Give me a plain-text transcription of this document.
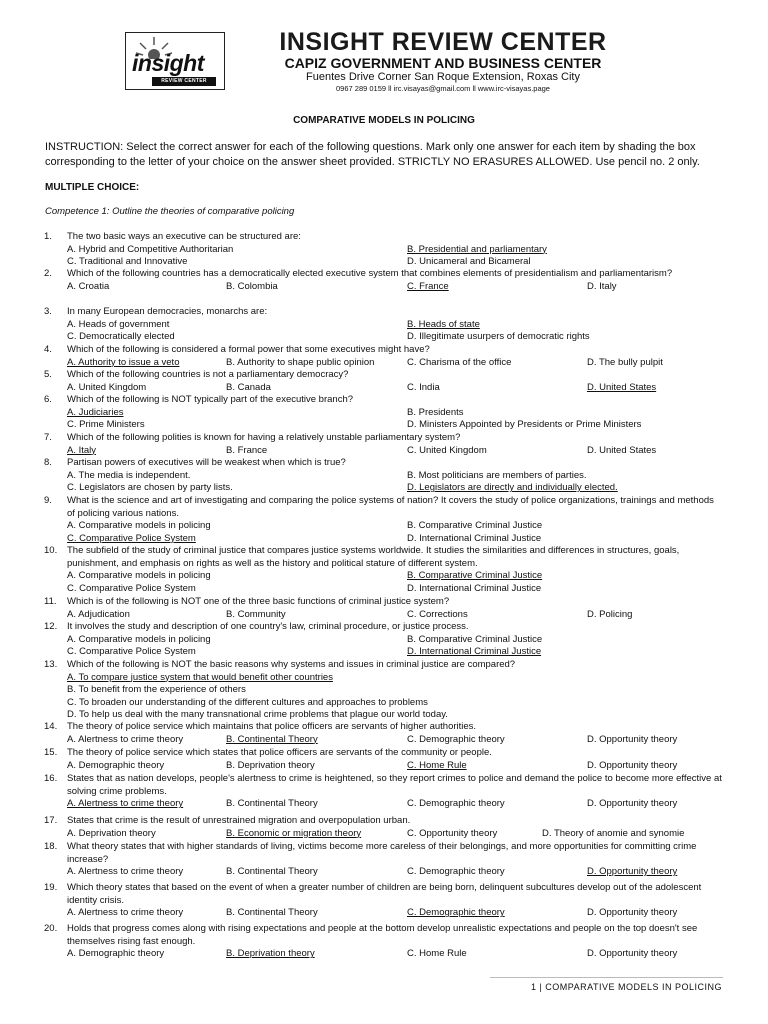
insight
REVIEW CENTER
INSIGHT REVIEW CENTER
CAPIZ GOVERNMENT AND BUSINESS CENTER
Fuentes Drive Corner San Roque Extension, Roxas City
0967 289 0159 ll irc.visayas@gmail.com ll www.irc-visayas.page
COMPARATIVE MODELS IN POLICING
INSTRUCTION: Select the correct answer for each of the following questions. Mark only one answer for each item by shading the box corresponding to the letter of your choice on the answer sheet provided. STRICTLY NO ERASURES ALLOWED. Use pencil no. 2 only.
MULTIPLE CHOICE:
Competence 1: Outline the theories of comparative policing
1.	The two basic ways an executive can be structured are:
A. Hybrid and Competitive Authoritarian	B. Presidential and parliamentary
C. Traditional and Innovative	D. Unicameral and Bicameral
2.	Which of the following countries has a democratically elected executive system that combines elements of presidentialism and parliamentarism?
A. Croatia	B. Colombia	C. France	D. Italy
3.	In many European democracies, monarchs are:
A. Heads of government	B. Heads of state
C. Democratically elected	D. Illegitimate usurpers of democratic rights
4.	Which of the following is considered a formal power that some executives might have?
A. Authority to issue a veto	B. Authority to shape public opinion	C. Charisma of the office	D. The bully pulpit
5.	Which of the following countries is not a parliamentary democracy?
A. United Kingdom	B. Canada	C. India	D. United States
6.	Which of the following is NOT typically part of the executive branch?
A. Judiciaries	B. Presidents
C. Prime Ministers	D. Ministers Appointed by Presidents or Prime Ministers
7.	Which of the following polities is known for having a relatively unstable parliamentary system?
A. Italy	B. France	C. United Kingdom	D. United States
8.	Partisan powers of executives will be weakest when which is true?
A. The media is independent.	B. Most politicians are members of parties.
C. Legislators are chosen by party lists.	D. Legislators are directly and individually elected.
9.	What is the science and art of investigating and comparing the police systems of nation? It covers the study of police organizations, trainings and methods of policing various nations.
A. Comparative models in policing	B. Comparative Criminal Justice
C. Comparative Police System	D. International Criminal Justice
10.	The subfield of the study of criminal justice that compares justice systems worldwide. It studies the similarities and differences in structures, goals, punishment, and emphasis on rights as well as the history and political stature of different system.
A. Comparative models in policing	B. Comparative Criminal Justice
C. Comparative Police System	D. International Criminal Justice
11.	Which is of the following is NOT one of the three basic functions of criminal justice system?
A. Adjudication	B. Community	C. Corrections	D. Policing
12.	It involves the study and description of one country's law, criminal procedure, or justice process.
A. Comparative models in policing	B. Comparative Criminal Justice
C. Comparative Police System	D. International Criminal Justice
13.	Which of the following is NOT the basic reasons why systems and issues in criminal justice are compared?
A. To compare justice system that would benefit other countries
B. To benefit from the experience of others
C. To broaden our understanding of the different cultures and approaches to problems
D. To help us deal with the many transnational crime problems that plague our world today.
14.	The theory of police service which maintains that police officers are servants of higher authorities.
A. Alertness to crime theory	B. Continental Theory	C. Demographic theory	D. Opportunity theory
15.	The theory of police service which states that police officers are servants of the community or people.
A. Demographic theory	B. Deprivation theory	C. Home Rule	D. Opportunity theory
16.	States that as nation develops, people's alertness to crime is heightened, so they report crimes to police and demand the police to become more effective at solving crime problems.
A. Alertness to crime theory	B. Continental Theory	C. Demographic theory	D. Opportunity theory
17.	States that crime is the result of unrestrained migration and overpopulation urban.
A. Deprivation theory	B. Economic or migration theory	C. Opportunity theory	D. Theory of anomie and synomie
18.	What theory states that with higher standards of living, victims become more careless of their belongings, and more opportunities for committing crime increase?
A. Alertness to crime theory	B. Continental Theory	C. Demographic theory	D. Opportunity theory
19.	Which theory states that based on the event of when a greater number of children are being born, delinquent subcultures develop out of the adolescent identity crisis.
A. Alertness to crime theory	B. Continental Theory	C. Demographic theory	D. Opportunity theory
20.	Holds that progress comes along with rising expectations and people at the bottom develop unrealistic expectations and people on the top doesn't see themselves rising fast enough.
A. Demographic theory	B. Deprivation theory	C. Home Rule	D. Opportunity theory
1 | COMPARATIVE MODELS IN POLICING
